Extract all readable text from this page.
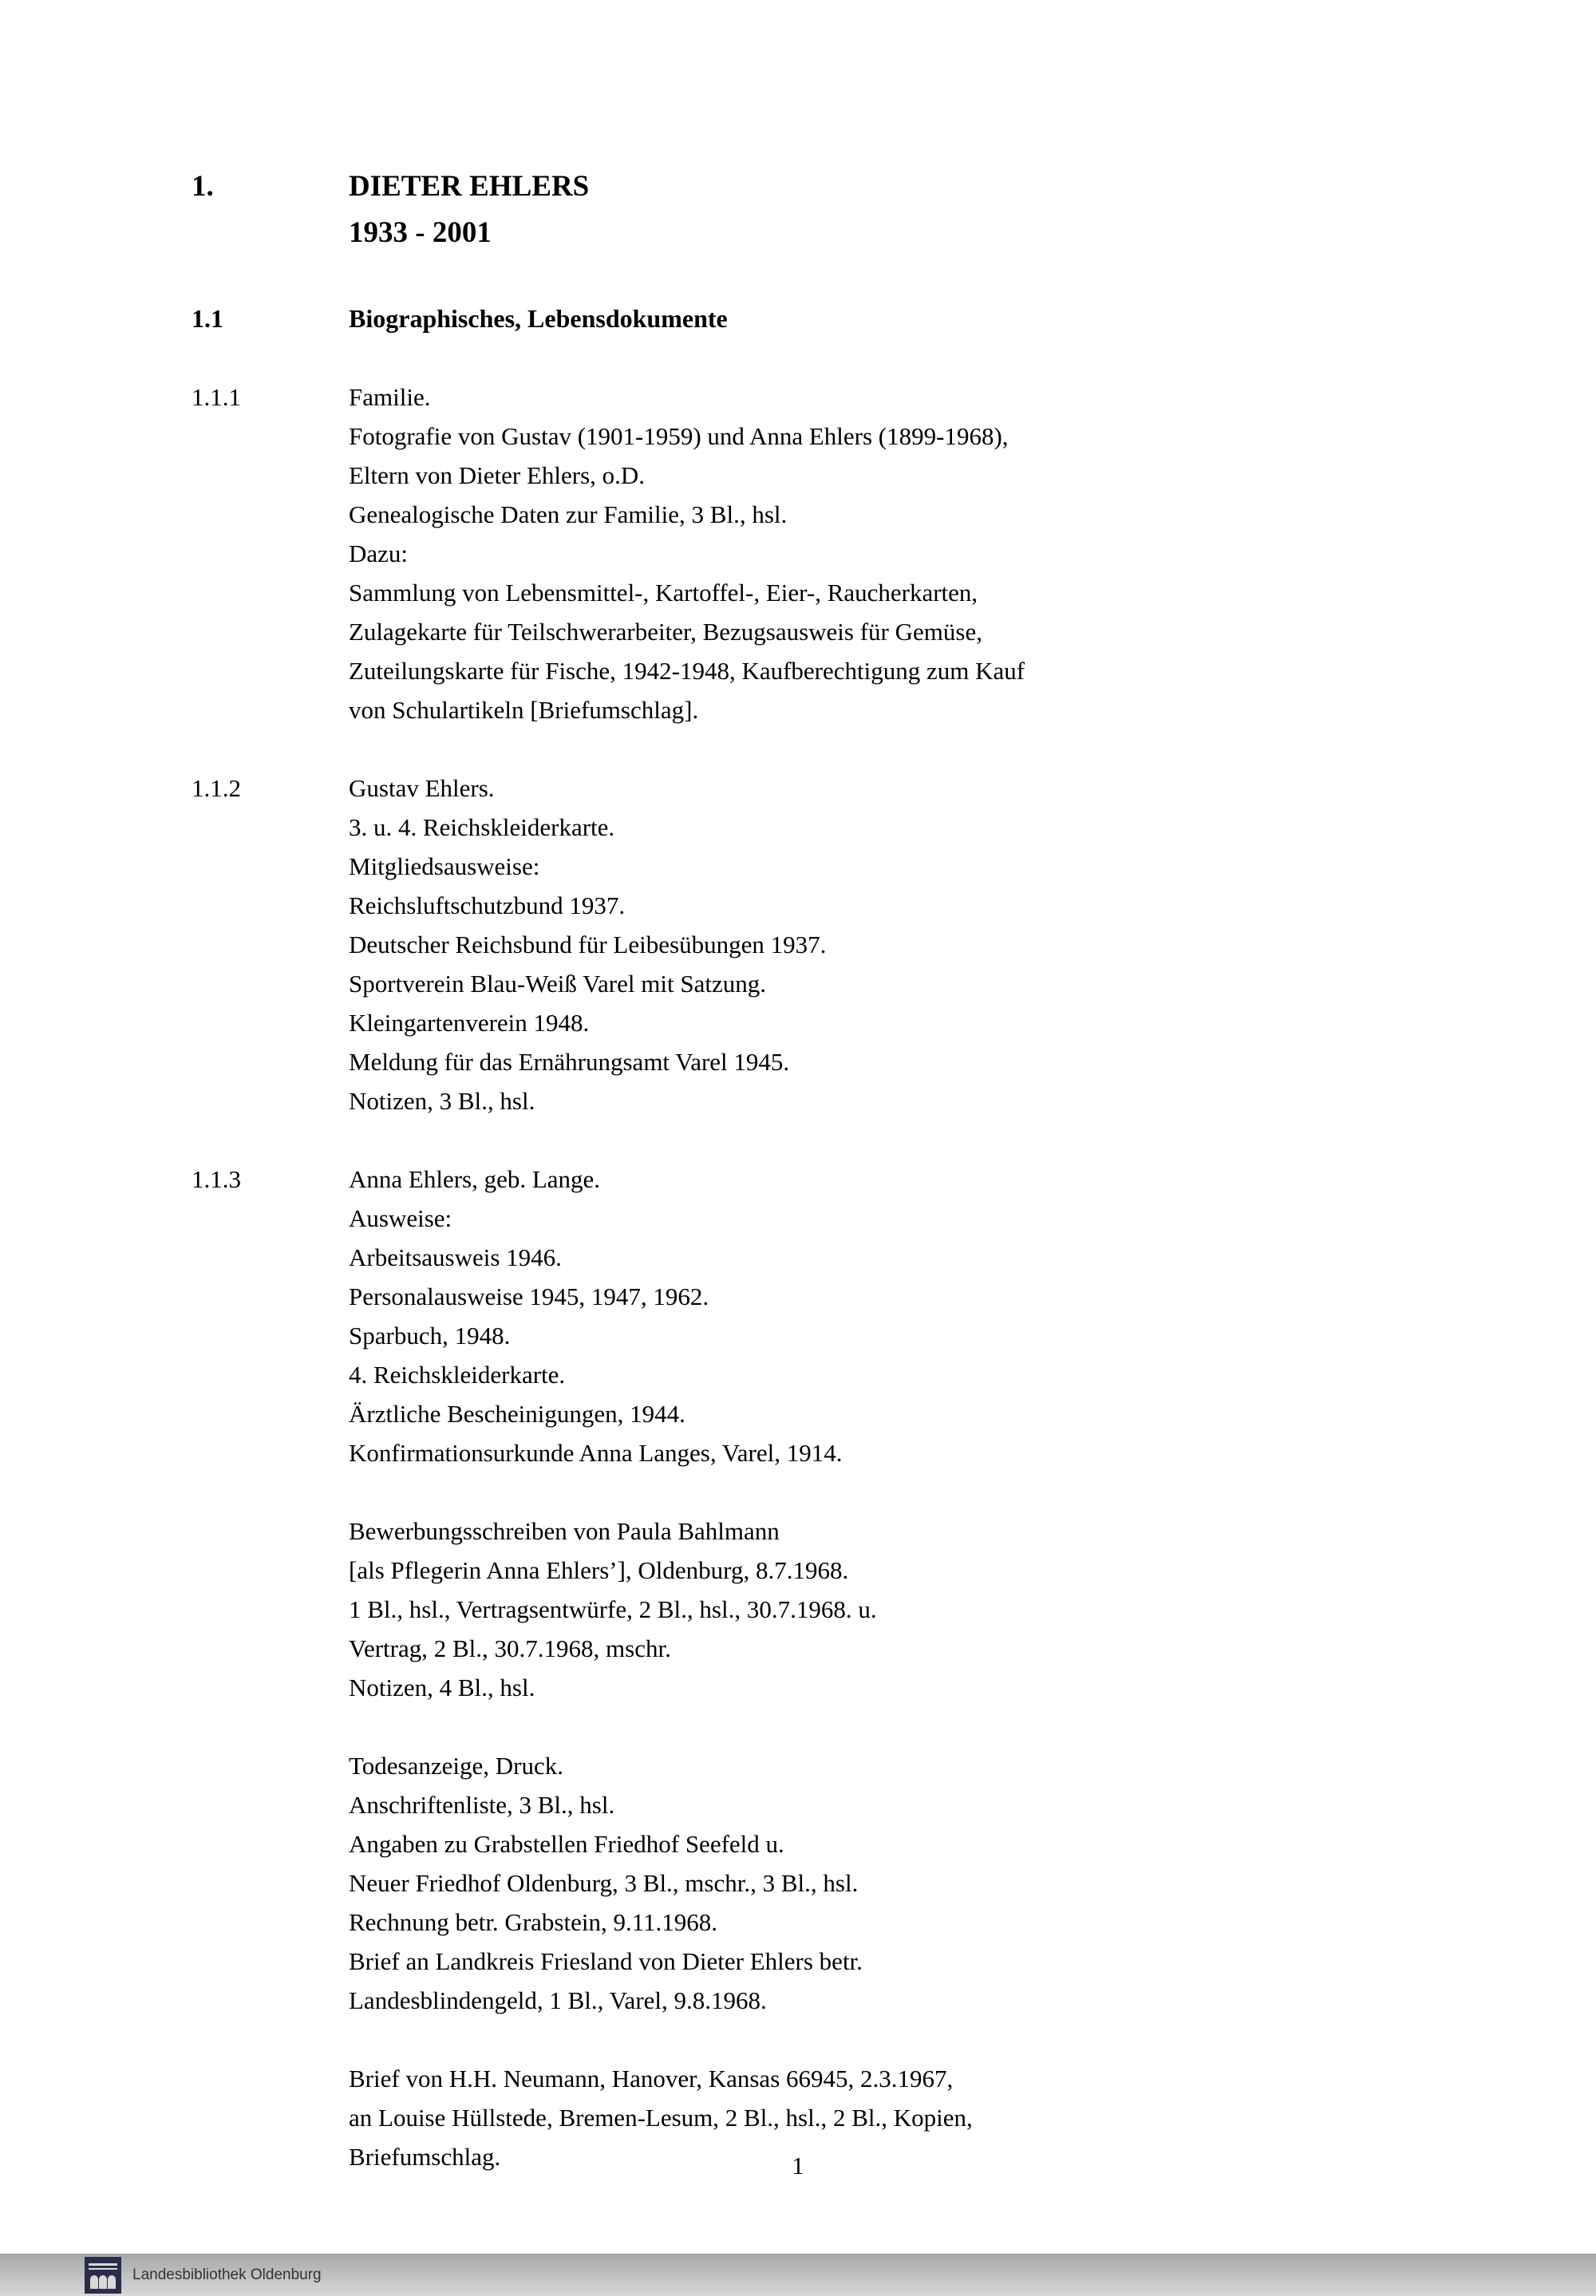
1.	DIETER EHLERS
1933 - 2001
1.1	Biographisches, Lebensdokumente
1.1.1	Familie.
Fotografie von Gustav (1901-1959) und Anna Ehlers (1899-1968),
Eltern von Dieter Ehlers, o.D.
Genealogische Daten zur Familie, 3 Bl., hsl.
Dazu:
Sammlung von Lebensmittel-, Kartoffel-, Eier-, Raucherkarten,
Zulagekarte für Teilschwerarbeiter, Bezugsausweis für Gemüse,
Zuteilungskarte für Fische, 1942-1948, Kaufberechtigung zum Kauf
von Schulartikeln [Briefumschlag].
1.1.2	Gustav Ehlers.
3. u. 4. Reichskleiderkarte.
Mitgliedsausweise:
Reichsluftschutzbund 1937.
Deutscher Reichsbund für Leibesübungen 1937.
Sportverein Blau-Weiß Varel mit Satzung.
Kleingartenverein 1948.
Meldung für das Ernährungsamt Varel 1945.
Notizen, 3 Bl., hsl.
1.1.3	Anna Ehlers, geb. Lange.
Ausweise:
Arbeitsausweis 1946.
Personalausweise 1945, 1947, 1962.
Sparbuch, 1948.
4. Reichskleiderkarte.
Ärztliche Bescheinigungen, 1944.
Konfirmationsurkunde Anna Langes, Varel, 1914.
Bewerbungsschreiben von Paula Bahlmann
[als Pflegerin Anna Ehlers’], Oldenburg, 8.7.1968.
1 Bl., hsl., Vertragsentwürfe, 2 Bl., hsl., 30.7.1968. u.
Vertrag, 2 Bl., 30.7.1968, mschr.
Notizen, 4 Bl., hsl.
Todesanzeige, Druck.
Anschriftenliste, 3 Bl., hsl.
Angaben zu Grabstellen Friedhof Seefeld u.
Neuer Friedhof Oldenburg, 3 Bl., mschr., 3 Bl., hsl.
Rechnung betr. Grabstein, 9.11.1968.
Brief an Landkreis Friesland von Dieter Ehlers betr.
Landesblindengeld, 1 Bl., Varel, 9.8.1968.
Brief von H.H. Neumann, Hanover, Kansas 66945, 2.3.1967,
an Louise Hüllstede, Bremen-Lesum, 2 Bl., hsl., 2 Bl., Kopien,
Briefumschlag.	1
Landesbibliothek Oldenburg
